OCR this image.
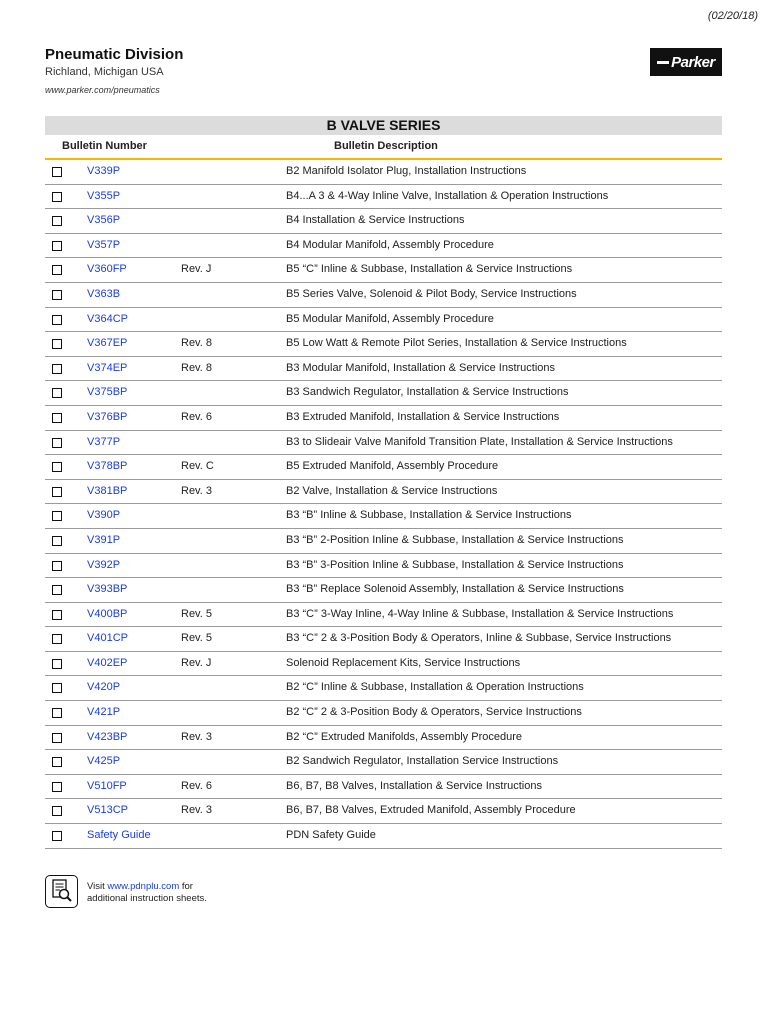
(02/20/18)
Pneumatic Division
Richland, Michigan USA
www.parker.com/pneumatics
Parker
B VALVE SERIES
Bulletin Number	Bulletin Description
V339P	B2 Manifold Isolator Plug, Installation Instructions
V355P	B4...A 3 & 4-Way Inline Valve, Installation & Operation Instructions
V356P	B4 Installation & Service Instructions
V357P	B4 Modular Manifold, Assembly Procedure
V360FP	Rev. J	B5 “C” Inline & Subbase, Installation & Service Instructions
V363B	B5 Series Valve, Solenoid & Pilot Body, Service Instructions
V364CP	B5 Modular Manifold, Assembly Procedure
V367EP	Rev. 8	B5 Low Watt & Remote Pilot Series, Installation & Service Instructions
V374EP	Rev. 8	B3 Modular Manifold, Installation & Service Instructions
V375BP	B3 Sandwich Regulator, Installation & Service Instructions
V376BP	Rev. 6	B3 Extruded Manifold, Installation & Service Instructions
V377P	B3 to Slideair Valve Manifold Transition Plate, Installation & Service Instructions
V378BP	Rev. C	B5 Extruded Manifold, Assembly Procedure
V381BP	Rev. 3	B2 Valve, Installation & Service Instructions
V390P	B3 “B” Inline & Subbase, Installation & Service Instructions
V391P	B3 “B” 2-Position Inline & Subbase, Installation & Service Instructions
V392P	B3 “B” 3-Position Inline & Subbase, Installation & Service Instructions
V393BP	B3 “B” Replace Solenoid Assembly, Installation & Service Instructions
V400BP	Rev. 5	B3 “C” 3-Way Inline, 4-Way Inline & Subbase, Installation & Service Instructions
V401CP	Rev. 5	B3 “C” 2 & 3-Position Body & Operators, Inline & Subbase, Service Instructions
V402EP	Rev. J	Solenoid Replacement Kits, Service Instructions
V420P	B2 “C” Inline & Subbase, Installation & Operation Instructions
V421P	B2 “C” 2 & 3-Position Body & Operators, Service Instructions
V423BP	Rev. 3	B2 “C” Extruded Manifolds, Assembly Procedure
V425P	B2 Sandwich Regulator, Installation Service Instructions
V510FP	Rev. 6	B6, B7, B8 Valves, Installation & Service Instructions
V513CP	Rev. 3	B6, B7, B8 Valves, Extruded Manifold, Assembly Procedure
Safety Guide	PDN Safety Guide
Visit www.pdnplu.com for
additional instruction sheets.
